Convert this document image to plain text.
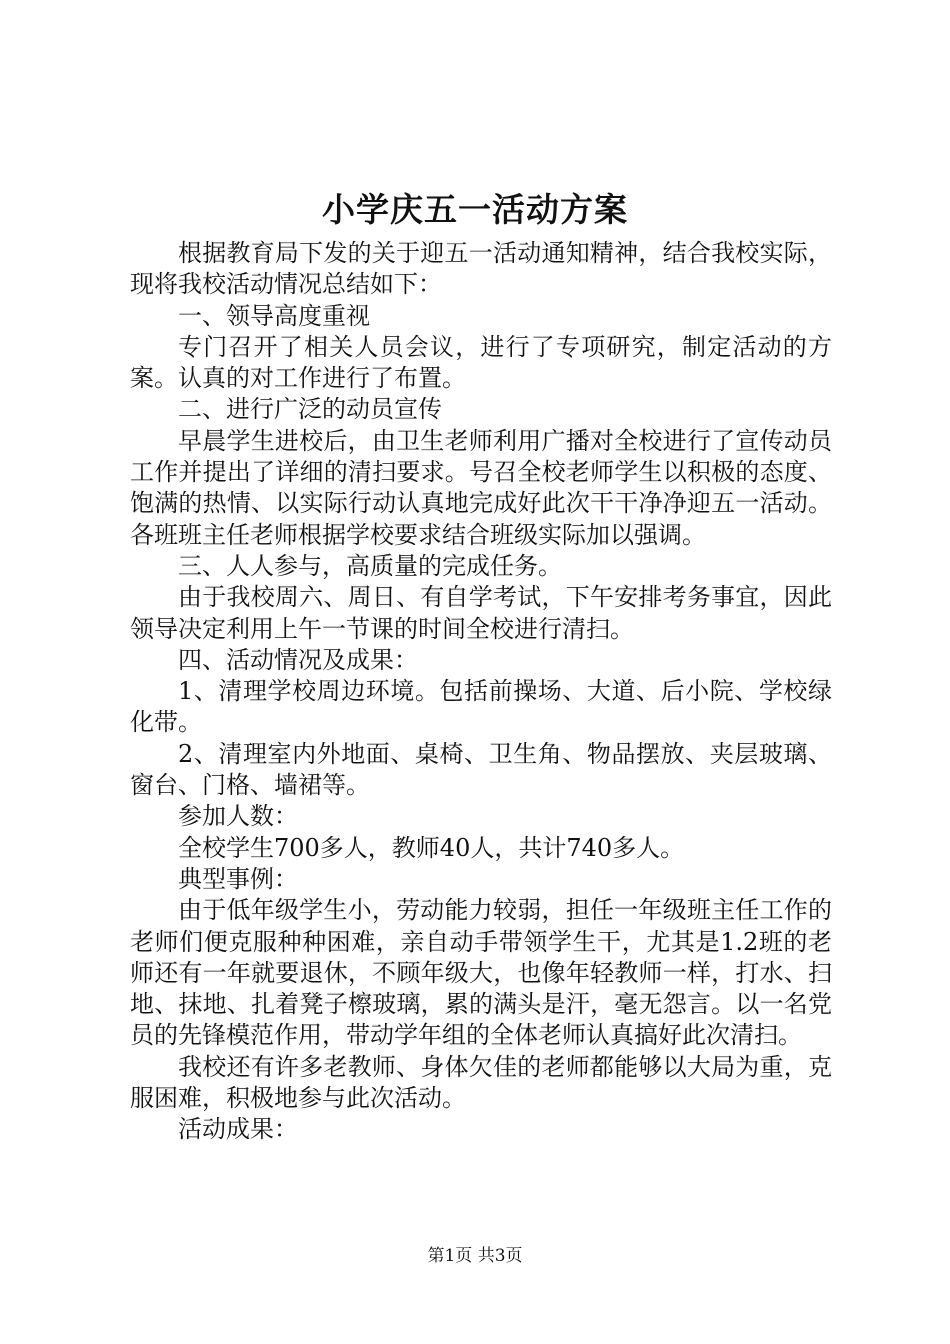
小学庆五一活动方案

根据教育局下发的关于迎五一活动通知精神，结合我校实际，现将我校活动情况总结如下：

一、领导高度重视

专门召开了相关人员会议，进行了专项研究，制定活动的方案。认真的对工作进行了布置。

二、进行广泛的动员宣传

早晨学生进校后，由卫生老师利用广播对全校进行了宣传动员工作并提出了详细的清扫要求。号召全校老师学生以积极的态度、饱满的热情、以实际行动认真地完成好此次干干净净迎五一活动。各班班主任老师根据学校要求结合班级实际加以强调。

三、人人参与，高质量的完成任务。

由于我校周六、周日、有自学考试，下午安排考务事宜，因此领导决定利用上午一节课的时间全校进行清扫。

四、活动情况及成果：

1、清理学校周边环境。包括前操场、大道、后小院、学校绿化带。

2、清理室内外地面、桌椅、卫生角、物品摆放、夹层玻璃、窗台、门格、墙裙等。

参加人数：

全校学生700多人，教师40人，共计740多人。

典型事例：

由于低年级学生小，劳动能力较弱，担任一年级班主任工作的老师们便克服种种困难，亲自动手带领学生干，尤其是1.2班的老师还有一年就要退休，不顾年级大，也像年轻教师一样，打水、扫地、抹地、扎着凳子檫玻璃，累的满头是汗，毫无怨言。以一名党员的先锋模范作用，带动学年组的全体老师认真搞好此次清扫。

我校还有许多老教师、身体欠佳的老师都能够以大局为重，克服困难，积极地参与此次活动。

活动成果：

第1页 共3页
